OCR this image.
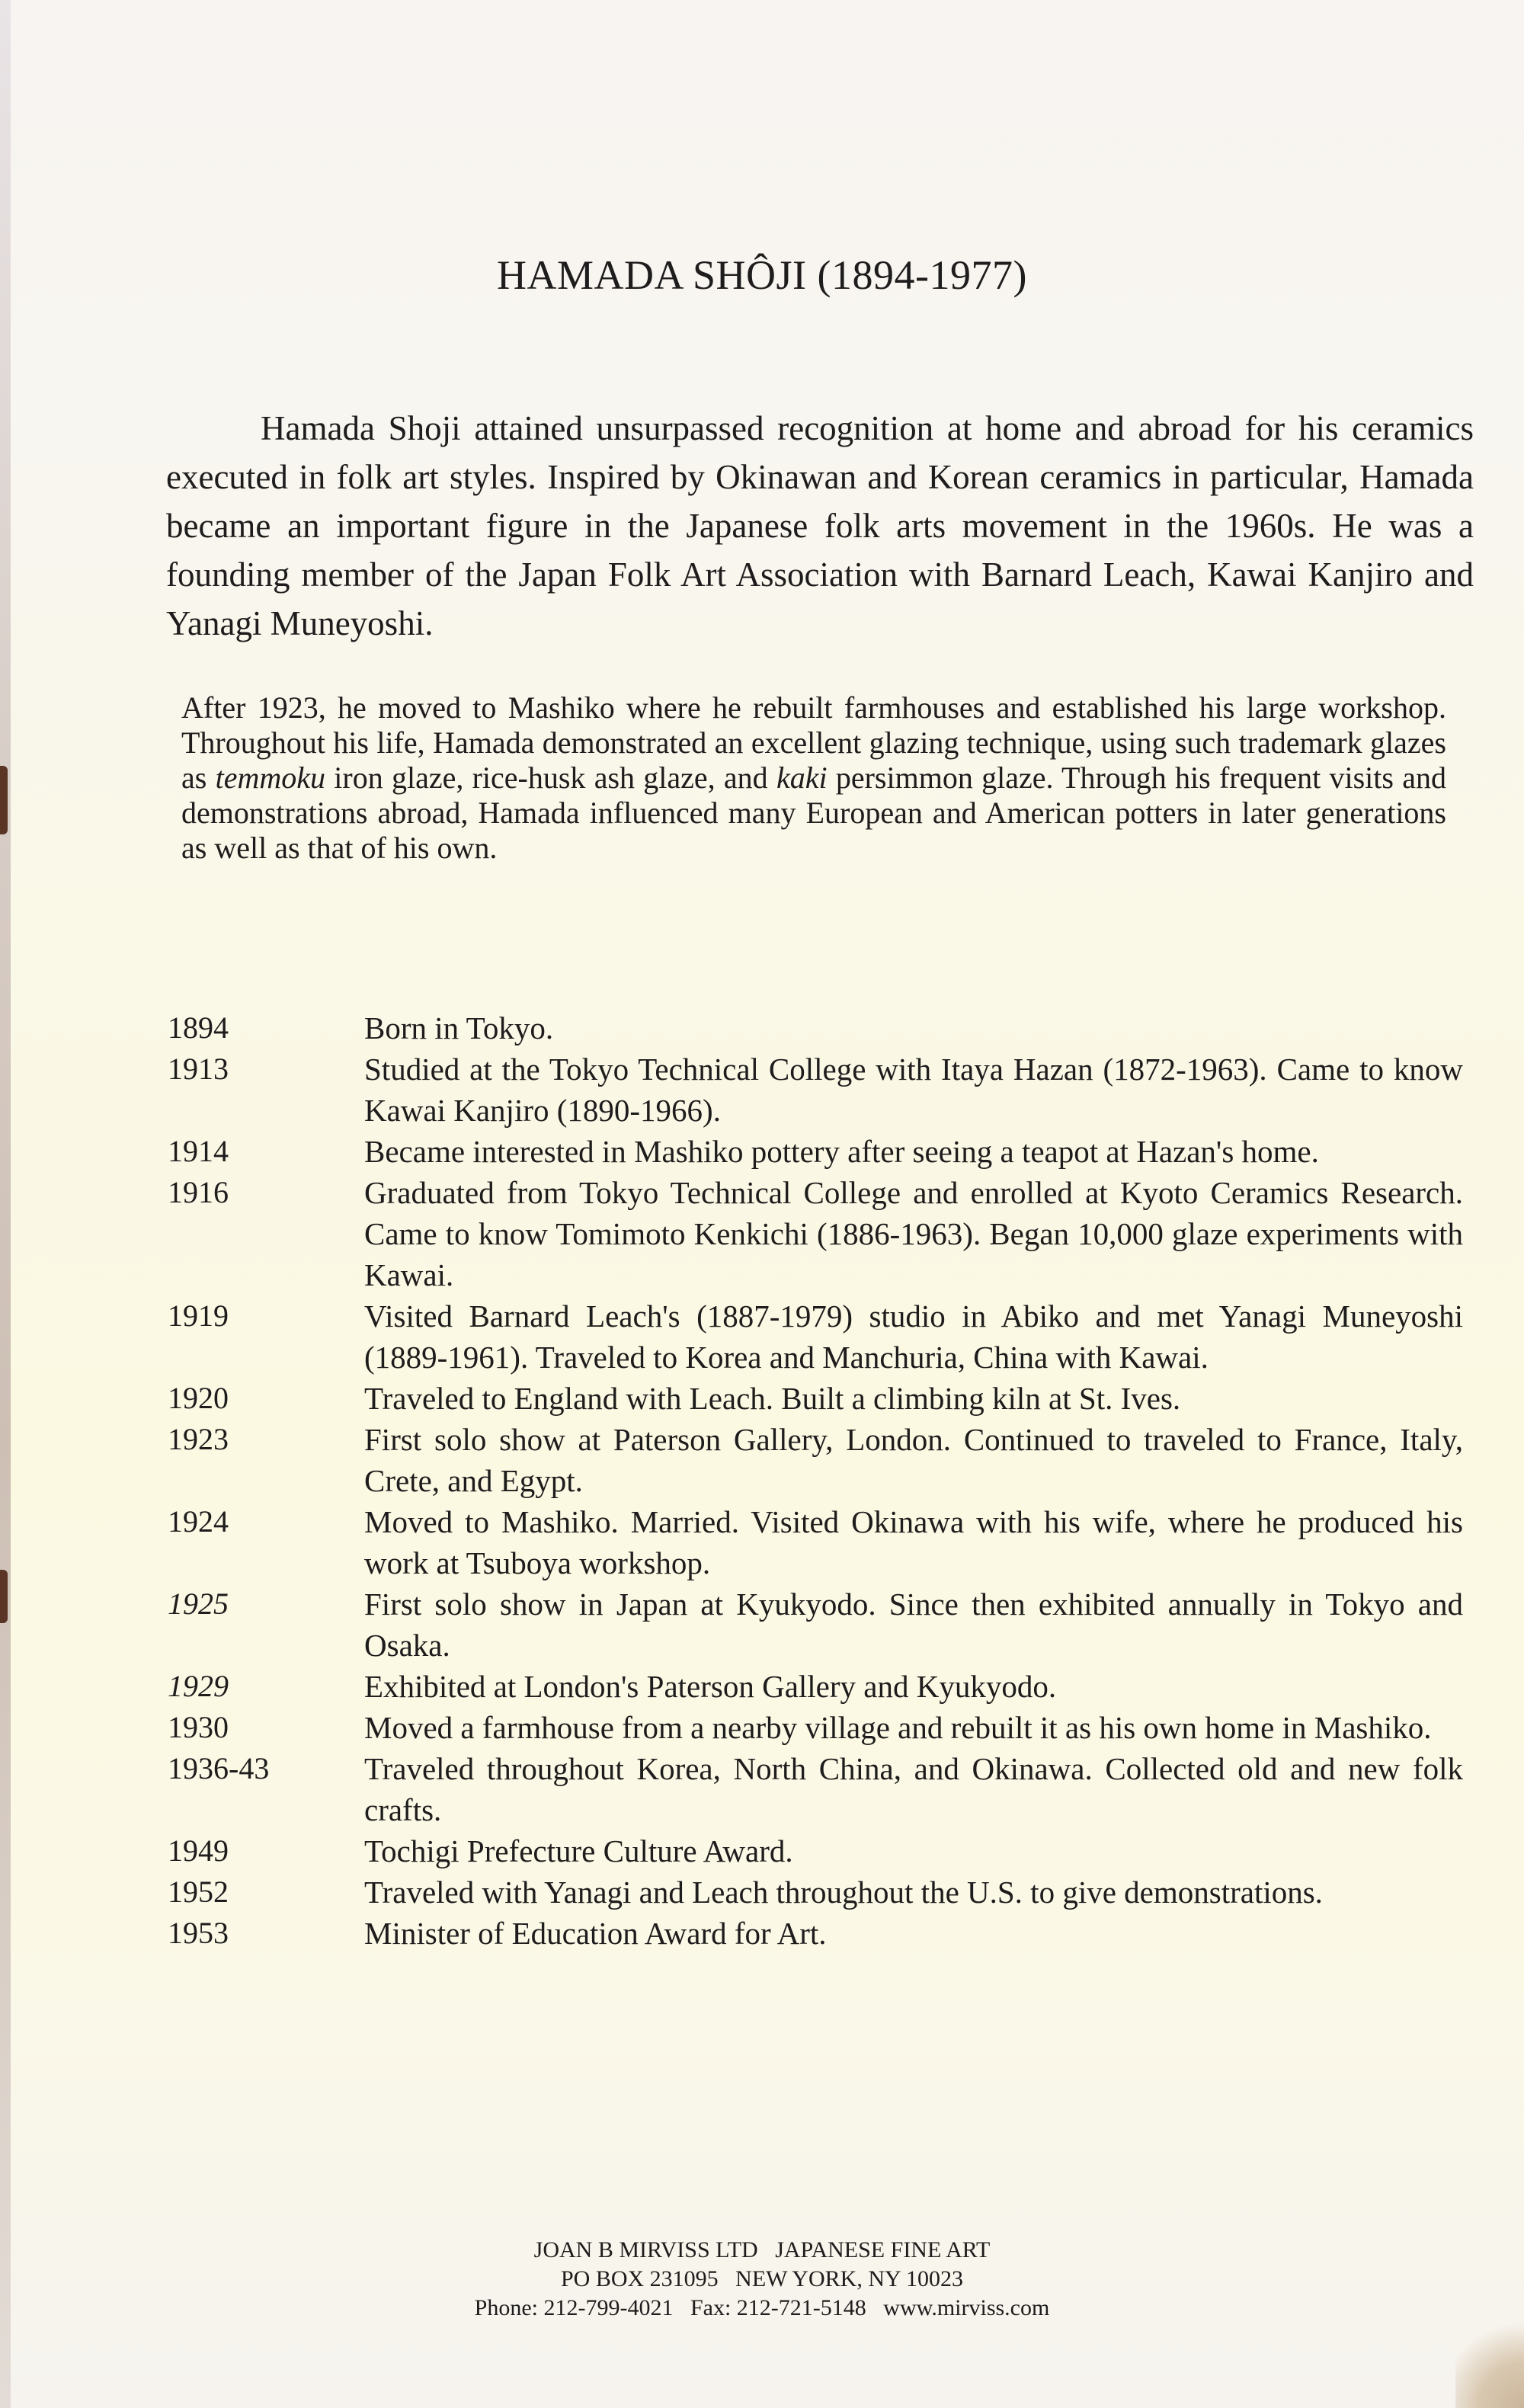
HAMADA SHÔJI (1894-1977)

Hamada Shoji attained unsurpassed recognition at home and abroad for his ceramics executed in folk art styles. Inspired by Okinawan and Korean ceramics in particular, Hamada became an important figure in the Japanese folk arts movement in the 1960s. He was a founding member of the Japan Folk Art Association with Barnard Leach, Kawai Kanjiro and Yanagi Muneyoshi.

After 1923, he moved to Mashiko where he rebuilt farmhouses and established his large workshop. Throughout his life, Hamada demonstrated an excellent glazing technique, using such trademark glazes as temmoku iron glaze, rice-husk ash glaze, and kaki persimmon glaze. Through his frequent visits and demonstrations abroad, Hamada influenced many European and American potters in later generations as well as that of his own.

1894	Born in Tokyo.
1913	Studied at the Tokyo Technical College with Itaya Hazan (1872-1963). Came to know Kawai Kanjiro (1890-1966).
1914	Became interested in Mashiko pottery after seeing a teapot at Hazan's home.
1916	Graduated from Tokyo Technical College and enrolled at Kyoto Ceramics Research. Came to know Tomimoto Kenkichi (1886-1963). Began 10,000 glaze experiments with Kawai.
1919	Visited Barnard Leach's (1887-1979) studio in Abiko and met Yanagi Muneyoshi (1889-1961). Traveled to Korea and Manchuria, China with Kawai.
1920	Traveled to England with Leach. Built a climbing kiln at St. Ives.
1923	First solo show at Paterson Gallery, London. Continued to traveled to France, Italy, Crete, and Egypt.
1924	Moved to Mashiko. Married. Visited Okinawa with his wife, where he produced his work at Tsuboya workshop.
1925	First solo show in Japan at Kyukyodo. Since then exhibited annually in Tokyo and Osaka.
1929	Exhibited at London's Paterson Gallery and Kyukyodo.
1930	Moved a farmhouse from a nearby village and rebuilt it as his own home in Mashiko.
1936-43	Traveled throughout Korea, North China, and Okinawa. Collected old and new folk crafts.
1949	Tochigi Prefecture Culture Award.
1952	Traveled with Yanagi and Leach throughout the U.S. to give demonstrations.
1953	Minister of Education Award for Art.
JOAN B MIRVISS LTD   JAPANESE FINE ART
PO BOX 231095   NEW YORK, NY 10023
Phone: 212-799-4021   Fax: 212-721-5148   www.mirviss.com
